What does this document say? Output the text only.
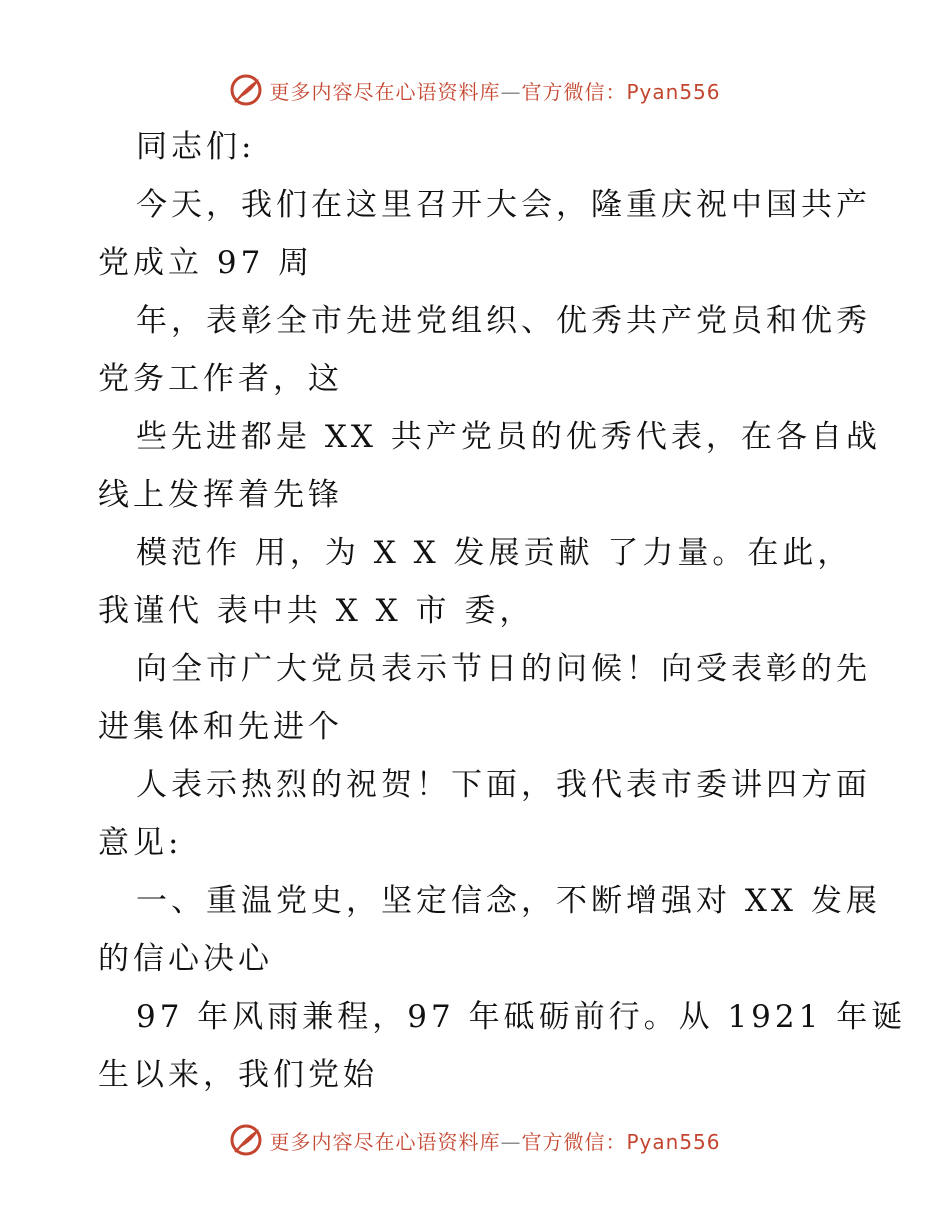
更多内容尽在心语资料库—官方微信：Pyan556
同志们:
今天，我们在这里召开大会，隆重庆祝中国共产
党成立 97 周
年，表彰全市先进党组织、优秀共产党员和优秀
党务工作者，这
些先进都是 XX 共产党员的优秀代表，在各自战
线上发挥着先锋
模范作 用，为 X X 发展贡献 了力量。在此，
我谨代 表中共 X X 市 委，
向全市广大党员表示节日的问候！向受表彰的先
进集体和先进个
人表示热烈的祝贺！下面，我代表市委讲四方面
意见:
一、重温党史，坚定信念，不断增强对 XX 发展
的信心决心
97 年风雨兼程，97 年砥砺前行。从 1921 年诞
生以来，我们党始
更多内容尽在心语资料库—官方微信：Pyan556
